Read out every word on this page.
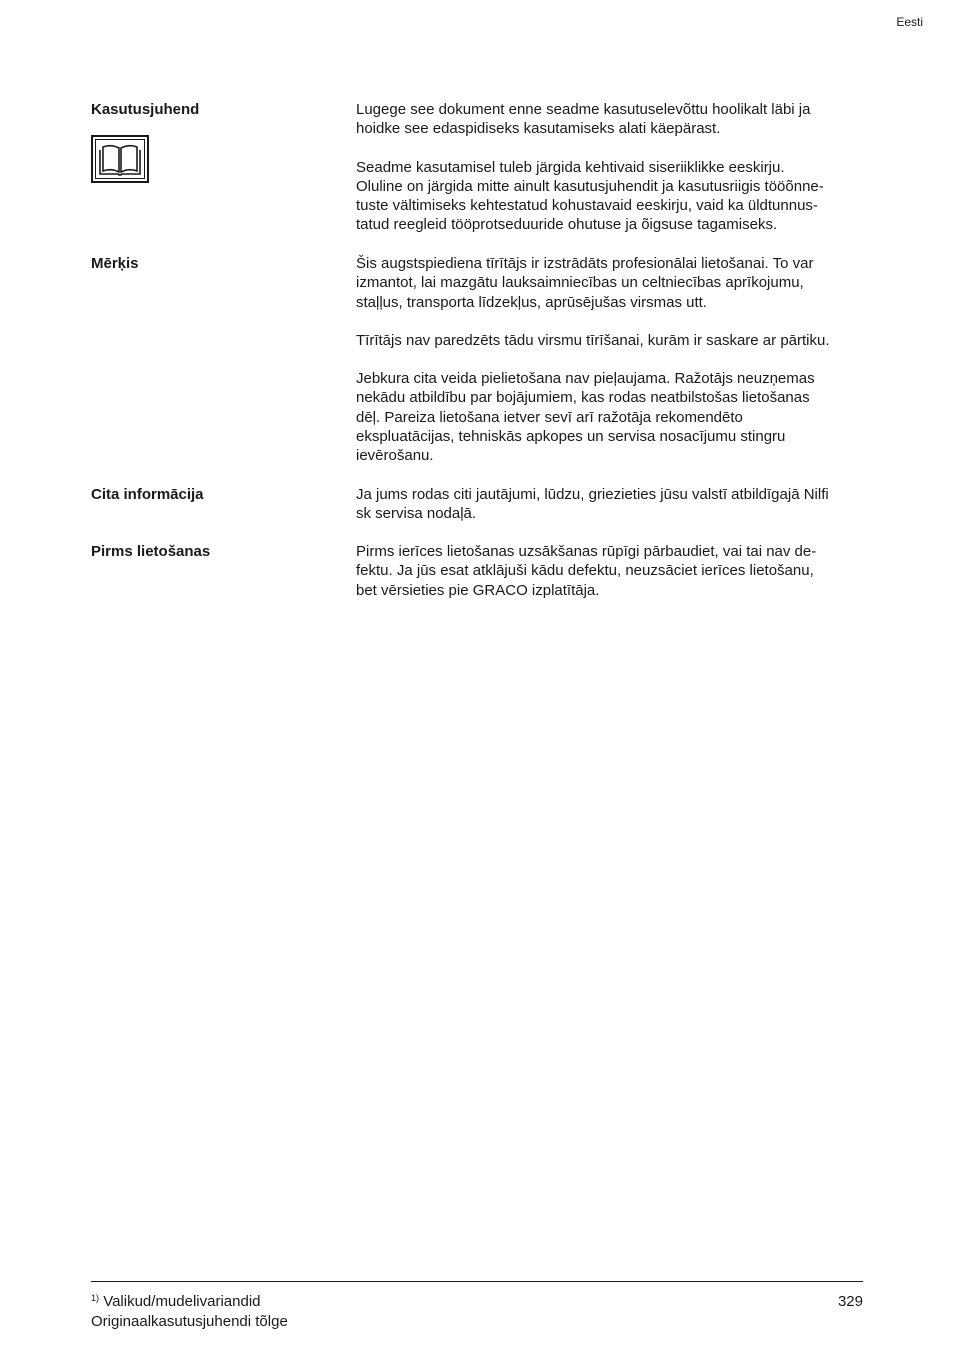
Eesti
Kasutusjuhend	Lugege see dokument enne seadme kasutuselevõttu hoolikalt läbi ja
hoidke see edaspidiseks kasutamiseks alati käepärast.

Seadme kasutamisel tuleb järgida kehtivaid siseriiklikke eeskirju.
Oluline on järgida mitte ainult kasutusjuhendit ja kasutusriigis tööõnne-
tuste vältimiseks kehtestatud kohustavaid eeskirju, vaid ka üldtunnus-
tatud reegleid tööprotseduuride ohutuse ja õigsuse tagamiseks.

Mērķis	Šis augstspiediena tīrītājs ir izstrādāts profesionālai lietošanai. To var
izmantot, lai mazgātu lauksaimniecības un celtniecības aprīkojumu,
staļļus, transporta līdzekļus, aprūsējušas virsmas utt.

Tīrītājs nav paredzēts tādu virsmu tīrīšanai, kurām ir saskare ar pārtiku.

Jebkura cita veida pielietošana nav pieļaujama. Ražotājs neuzņemas
nekādu atbildību par bojājumiem, kas rodas neatbilstošas lietošanas
dēļ. Pareiza lietošana ietver sevī arī ražotāja rekomendēto
ekspluatācijas, tehniskās apkopes un servisa nosacījumu stingru
ievērošanu.

Cita informācija	Ja jums rodas citi jautājumi, lūdzu, griezieties jūsu valstī atbildīgajā Nilfi
sk servisa nodaļā.

Pirms lietošanas	Pirms ierīces lietošanas uzsākšanas rūpīgi pārbaudiet, vai tai nav de-
fektu. Ja jūs esat atklājuši kādu defektu, neuzsāciet ierīces lietošanu,
bet vērsieties pie GRACO izplatītāja.

$^{1)}$ Valikud/mudelivariandid
Originaalkasutusjuhendi tõlge
329
